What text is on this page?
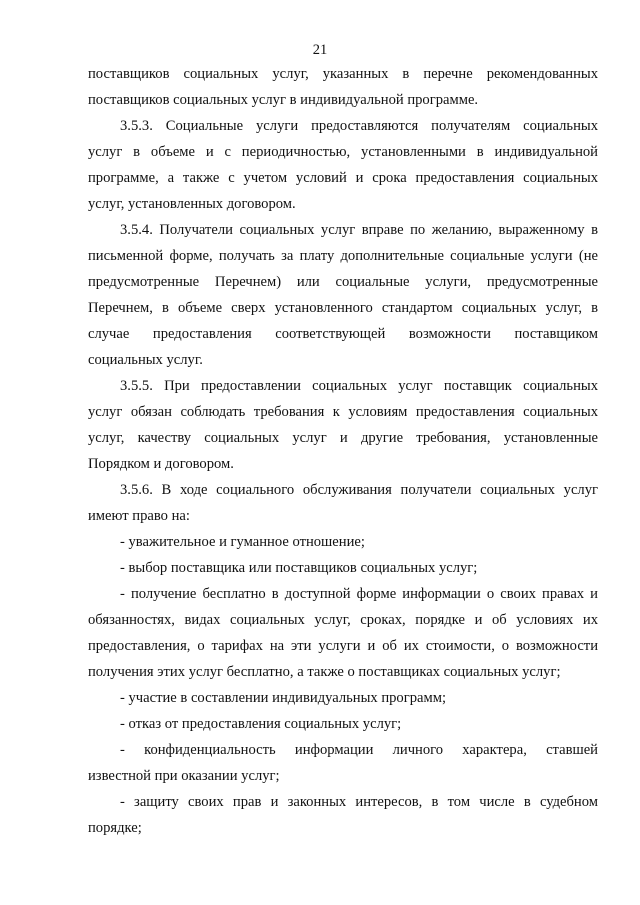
21
поставщиков социальных услуг, указанных в перечне рекомендованных
поставщиков социальных услуг в индивидуальной программе.
3.5.3. Социальные услуги предоставляются получателям социальных
услуг в объеме и с периодичностью, установленными в индивидуальной
программе, а также с учетом условий и срока предоставления социальных
услуг, установленных договором.
3.5.4. Получатели социальных услуг вправе по желанию, выраженному в
письменной форме, получать за плату дополнительные социальные услуги (не
предусмотренные Перечнем) или социальные услуги, предусмотренные
Перечнем, в объеме сверх установленного стандартом социальных услуг, в
случае предоставления соответствующей возможности поставщиком
социальных услуг.
3.5.5. При предоставлении социальных услуг поставщик социальных
услуг обязан соблюдать требования к условиям предоставления социальных
услуг, качеству социальных услуг и другие требования, установленные
Порядком и договором.
3.5.6. В ходе социального обслуживания получатели социальных услуг
имеют право на:
- уважительное и гуманное отношение;
- выбор поставщика или поставщиков социальных услуг;
- получение бесплатно в доступной форме информации о своих правах и
обязанностях, видах социальных услуг, сроках, порядке и об условиях их
предоставления, о тарифах на эти услуги и об их стоимости, о возможности
получения этих услуг бесплатно, а также о поставщиках социальных услуг;
- участие в составлении индивидуальных программ;
- отказ от предоставления социальных услуг;
- конфиденциальность информации личного характера, ставшей
известной при оказании услуг;
- защиту своих прав и законных интересов, в том числе в судебном
порядке;
